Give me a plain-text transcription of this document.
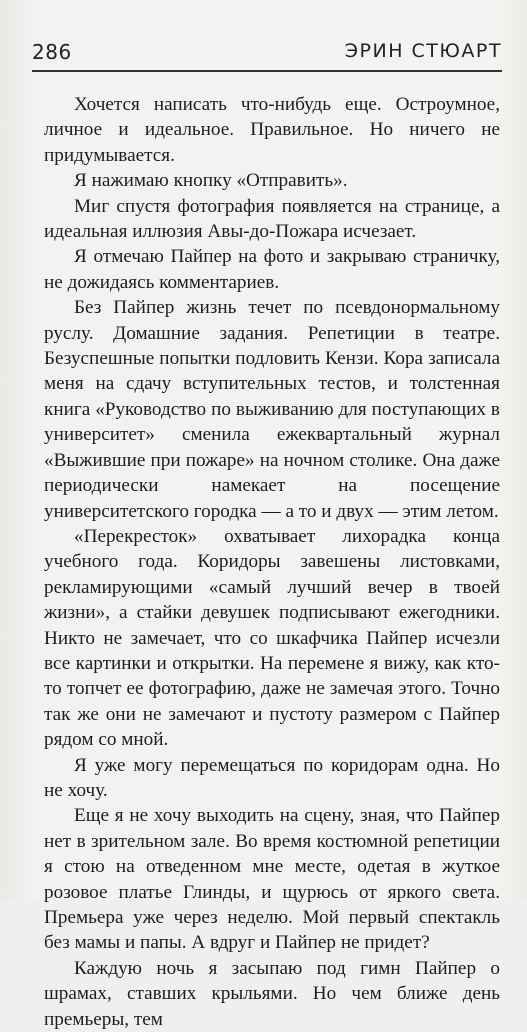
286	ЭРИН СТЮАРТ

Хочется написать что-нибудь еще. Остроумное, личное и идеальное. Правильное. Но ничего не придумывается.

Я нажимаю кнопку «Отправить».

Миг спустя фотография появляется на странице, а идеальная иллюзия Авы-до-Пожара исчезает.

Я отмечаю Пайпер на фото и закрываю страничку, не дожидаясь комментариев.

Без Пайпер жизнь течет по псевдонормальному руслу. Домашние задания. Репетиции в театре. Безуспешные попытки подловить Кензи. Кора записала меня на сдачу вступительных тестов, и толстенная книга «Руководство по выживанию для поступающих в университет» сменила ежеквартальный журнал «Выжившие при пожаре» на ночном столике. Она даже периодически намекает на посещение университетского городка — а то и двух — этим летом.

«Перекресток» охватывает лихорадка конца учебного года. Коридоры завешены листовками, рекламирующими «самый лучший вечер в твоей жизни», а стайки девушек подписывают ежегодники. Никто не замечает, что со шкафчика Пайпер исчезли все картинки и открытки. На перемене я вижу, как кто-то топчет ее фотографию, даже не замечая этого. Точно так же они не замечают и пустоту размером с Пайпер рядом со мной.

Я уже могу перемещаться по коридорам одна. Но не хочу.

Еще я не хочу выходить на сцену, зная, что Пайпер нет в зрительном зале. Во время костюмной репетиции я стою на отведенном мне месте, одетая в жуткое розовое платье Глинды, и щурюсь от яркого света. Премьера уже через неделю. Мой первый спектакль без мамы и папы. А вдруг и Пайпер не придет?

Каждую ночь я засыпаю под гимн Пайпер о шрамах, ставших крыльями. Но чем ближе день премьеры, тем
